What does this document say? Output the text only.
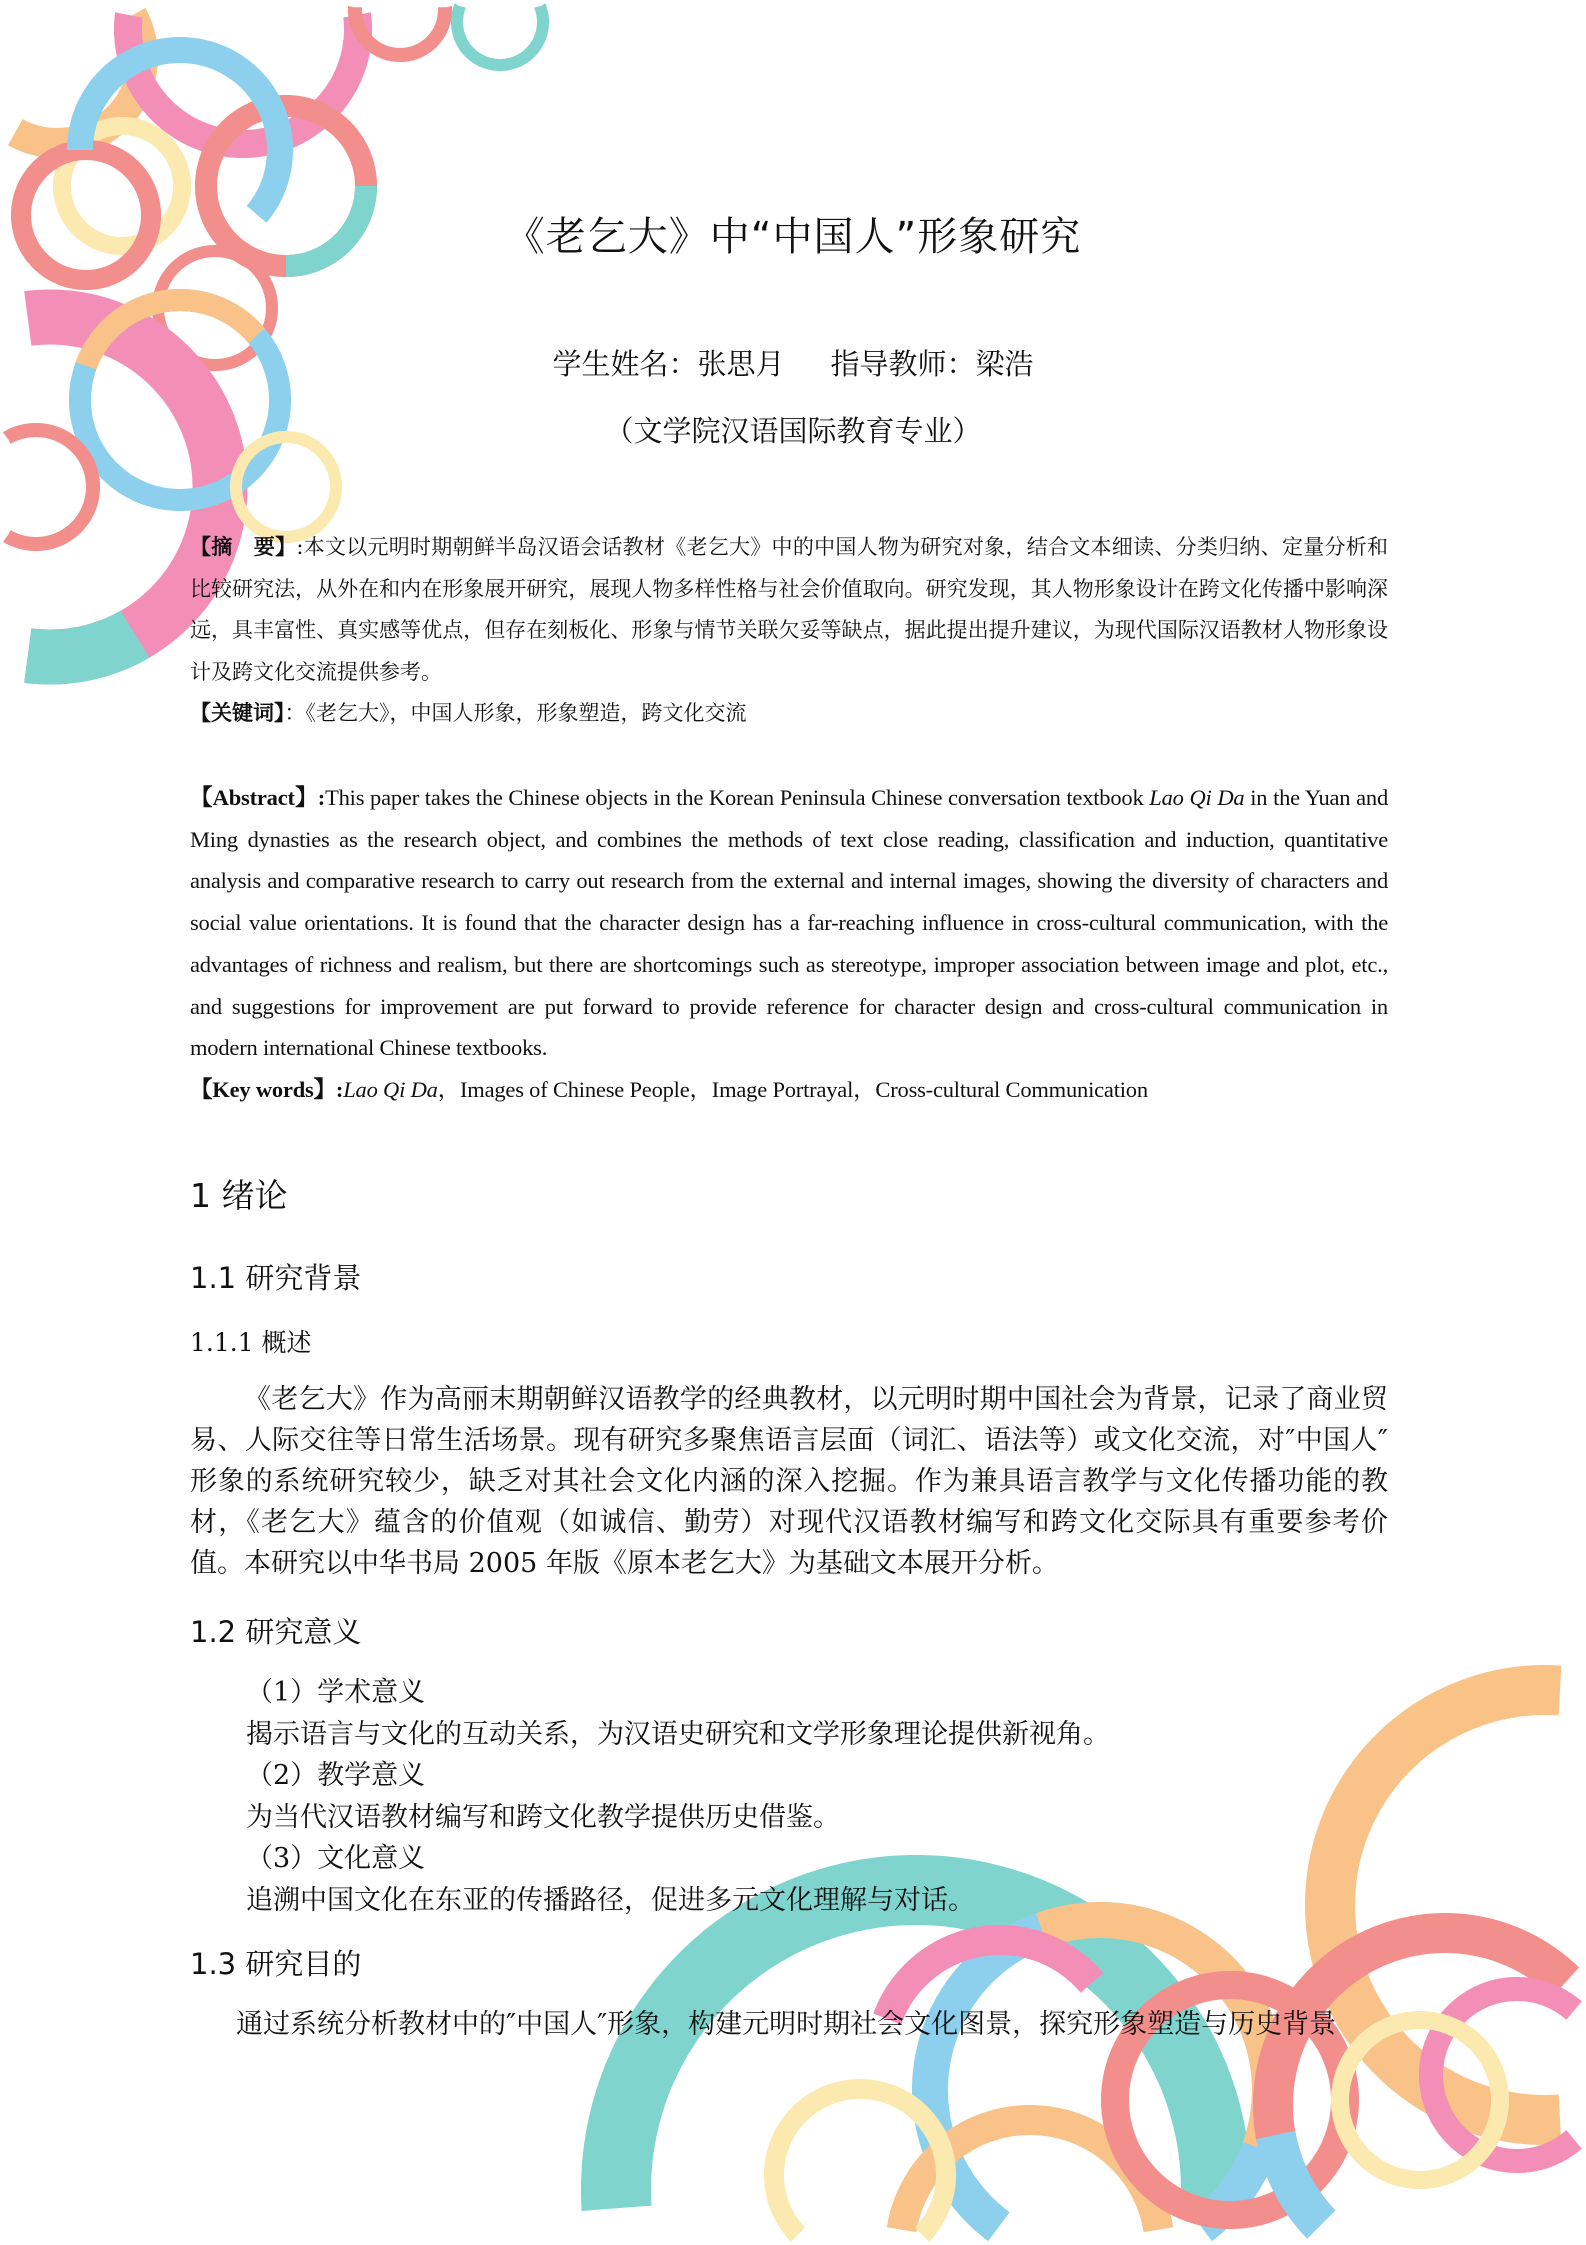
《老乞大》中“中国人”形象研究
学生姓名：张思月 指导教师：梁浩
（文学院汉语国际教育专业）
【摘　要】:本文以元明时期朝鲜半岛汉语会话教材《老乞大》中的中国人物为研究对象，结合文本细读、分类归纳、定量分析和比较研究法，从外在和内在形象展开研究，展现人物多样性格与社会价值取向。研究发现，其人物形象设计在跨文化传播中影响深远，具丰富性、真实感等优点，但存在刻板化、形象与情节关联欠妥等缺点，据此提出提升建议，为现代国际汉语教材人物形象设计及跨文化交流提供参考。
【关键词】：《老乞大》，中国人形象，形象塑造，跨文化交流
【Abstract】:This paper takes the Chinese objects in the Korean Peninsula Chinese conversation textbook Lao Qi Da in the Yuan and Ming dynasties as the research object, and combines the methods of text close reading, classification and induction, quantitative analysis and comparative research to carry out research from the external and internal images, showing the diversity of characters and social value orientations. It is found that the character design has a far-reaching influence in cross-cultural communication, with the advantages of richness and realism, but there are shortcomings such as stereotype, improper association between image and plot, etc., and suggestions for improvement are put forward to provide reference for character design and cross-cultural communication in modern international Chinese textbooks.
【Key words】:Lao Qi Da，Images of Chinese People，Image Portrayal，Cross-cultural Communication
1 绪论
1.1 研究背景
1.1.1 概述
《老乞大》作为高丽末期朝鲜汉语教学的经典教材，以元明时期中国社会为背景，记录了商业贸易、人际交往等日常生活场景。现有研究多聚焦语言层面（词汇、语法等）或文化交流，对″中国人″形象的系统研究较少，缺乏对其社会文化内涵的深入挖掘。作为兼具语言教学与文化传播功能的教材，《老乞大》蕴含的价值观（如诚信、勤劳）对现代汉语教材编写和跨文化交际具有重要参考价值。本研究以中华书局 2005 年版《原本老乞大》为基础文本展开分析。
1.2 研究意义
（1）学术意义
揭示语言与文化的互动关系，为汉语史研究和文学形象理论提供新视角。
（2）教学意义
为当代汉语教材编写和跨文化教学提供历史借鉴。
（3）文化意义
追溯中国文化在东亚的传播路径，促进多元文化理解与对话。
1.3 研究目的
通过系统分析教材中的″中国人″形象，构建元明时期社会文化图景，探究形象塑造与历史背景
